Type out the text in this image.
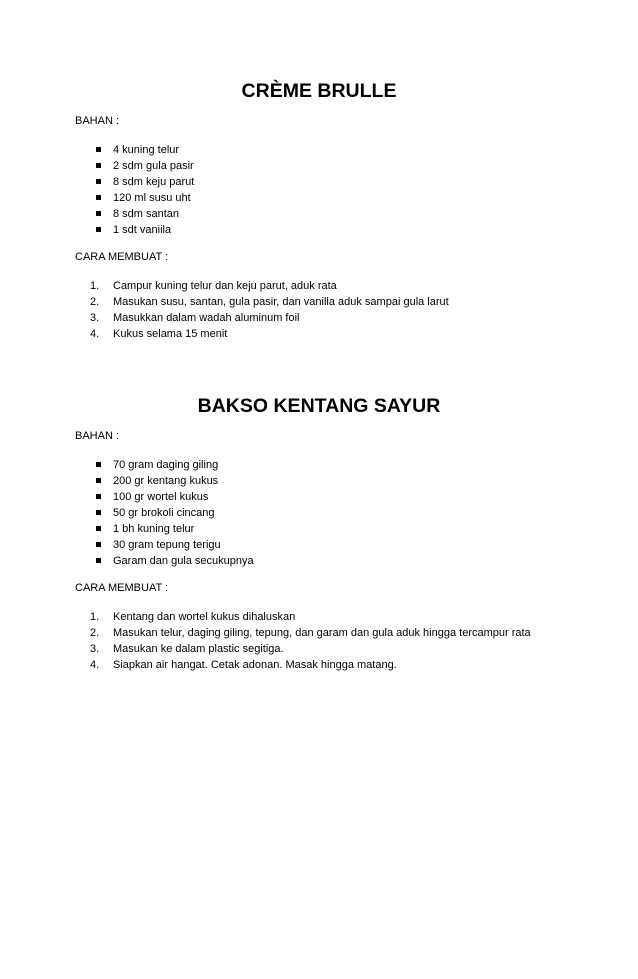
CRÈME BRULLE

BAHAN :

4 kuning telur
2 sdm gula pasir
8 sdm keju parut
120 ml susu uht
8 sdm santan
1 sdt vaniila

CARA MEMBUAT :

1. Campur kuning telur dan keju parut, aduk rata
2. Masukan susu, santan, gula pasir, dan vanilla aduk sampai gula larut
3. Masukkan dalam wadah aluminum foil
4. Kukus selama 15 menit
BAKSO KENTANG SAYUR

BAHAN :

70 gram daging giling
200 gr kentang kukus
100 gr wortel kukus
50 gr brokoli cincang
1 bh kuning telur
30 gram tepung terigu
Garam dan gula secukupnya

CARA MEMBUAT :

1. Kentang dan wortel kukus dihaluskan
2. Masukan telur, daging giling, tepung, dan garam dan gula aduk hingga tercampur rata
3. Masukan ke dalam plastic segitiga.
4. Siapkan air hangat. Cetak adonan. Masak hingga matang.
